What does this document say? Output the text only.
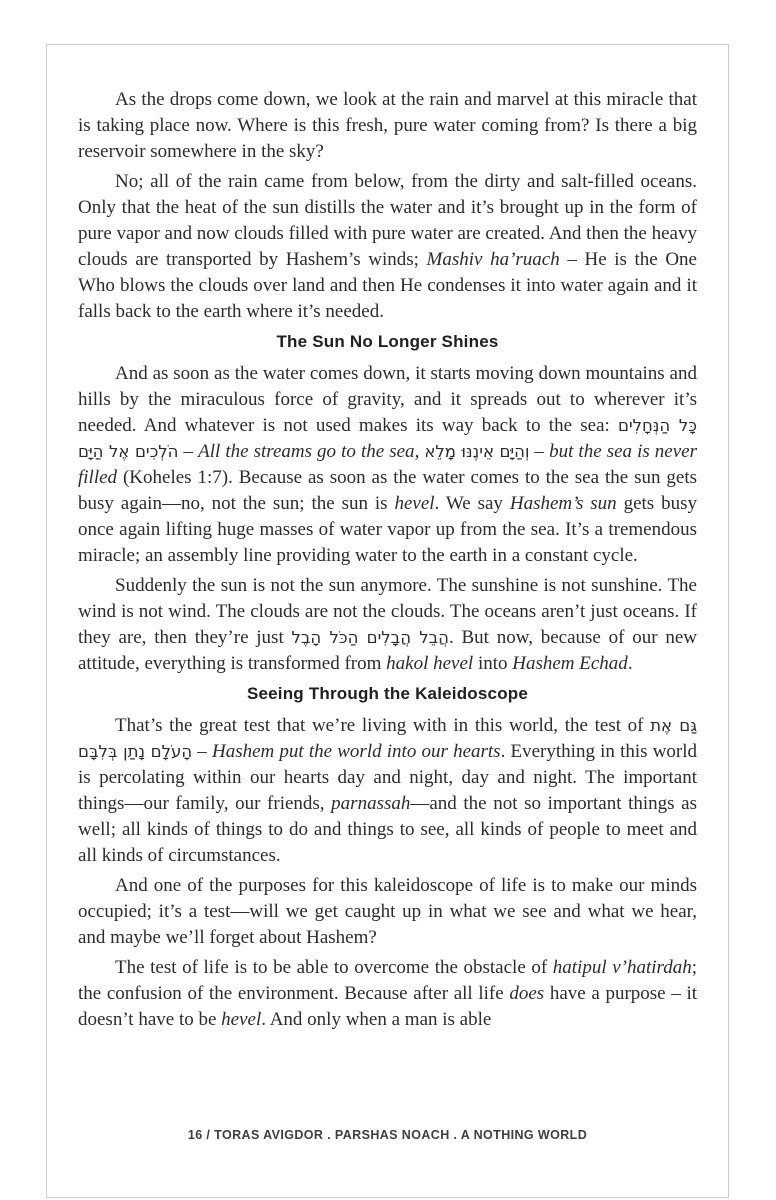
As the drops come down, we look at the rain and marvel at this miracle that is taking place now. Where is this fresh, pure water coming from? Is there a big reservoir somewhere in the sky?

No; all of the rain came from below, from the dirty and salt-filled oceans. Only that the heat of the sun distills the water and it’s brought up in the form of pure vapor and now clouds filled with pure water are created. And then the heavy clouds are transported by Hashem’s winds; Mashiv ha’ruach – He is the One Who blows the clouds over land and then He condenses it into water again and it falls back to the earth where it’s needed.

The Sun No Longer Shines

And as soon as the water comes down, it starts moving down mountains and hills by the miraculous force of gravity, and it spreads out to wherever it’s needed. And whatever is not used makes its way back to the sea: כָּל הַנְּחָלִים הֹלְכִים אֶל הַיָּם – All the streams go to the sea, וְהַיָּם אֵינֶנּוּ מָלֵא – but the sea is never filled (Koheles 1:7). Because as soon as the water comes to the sea the sun gets busy again—no, not the sun; the sun is hevel. We say Hashem’s sun gets busy once again lifting huge masses of water vapor up from the sea. It’s a tremendous miracle; an assembly line providing water to the earth in a constant cycle.

Suddenly the sun is not the sun anymore. The sunshine is not sunshine. The wind is not wind. The clouds are not the clouds. The oceans aren’t just oceans. If they are, then they’re just הֲבֵל הֲבָלִים הַכֹּל הָבֶל. But now, because of our new attitude, everything is transformed from hakol hevel into Hashem Echad.

Seeing Through the Kaleidoscope

That’s the great test that we’re living with in this world, the test of גַּם אֶת הָעֹלָם נָתַן בְּלִבָּם – Hashem put the world into our hearts. Everything in this world is percolating within our hearts day and night, day and night. The important things—our family, our friends, parnassah—and the not so important things as well; all kinds of things to do and things to see, all kinds of people to meet and all kinds of circumstances.

And one of the purposes for this kaleidoscope of life is to make our minds occupied; it’s a test—will we get caught up in what we see and what we hear, and maybe we’ll forget about Hashem?

The test of life is to be able to overcome the obstacle of hatipul v’hatirdah; the confusion of the environment. Because after all life does have a purpose – it doesn’t have to be hevel. And only when a man is able

16 / TORAS AVIGDOR . PARSHAS NOACH . A NOTHING WORLD
